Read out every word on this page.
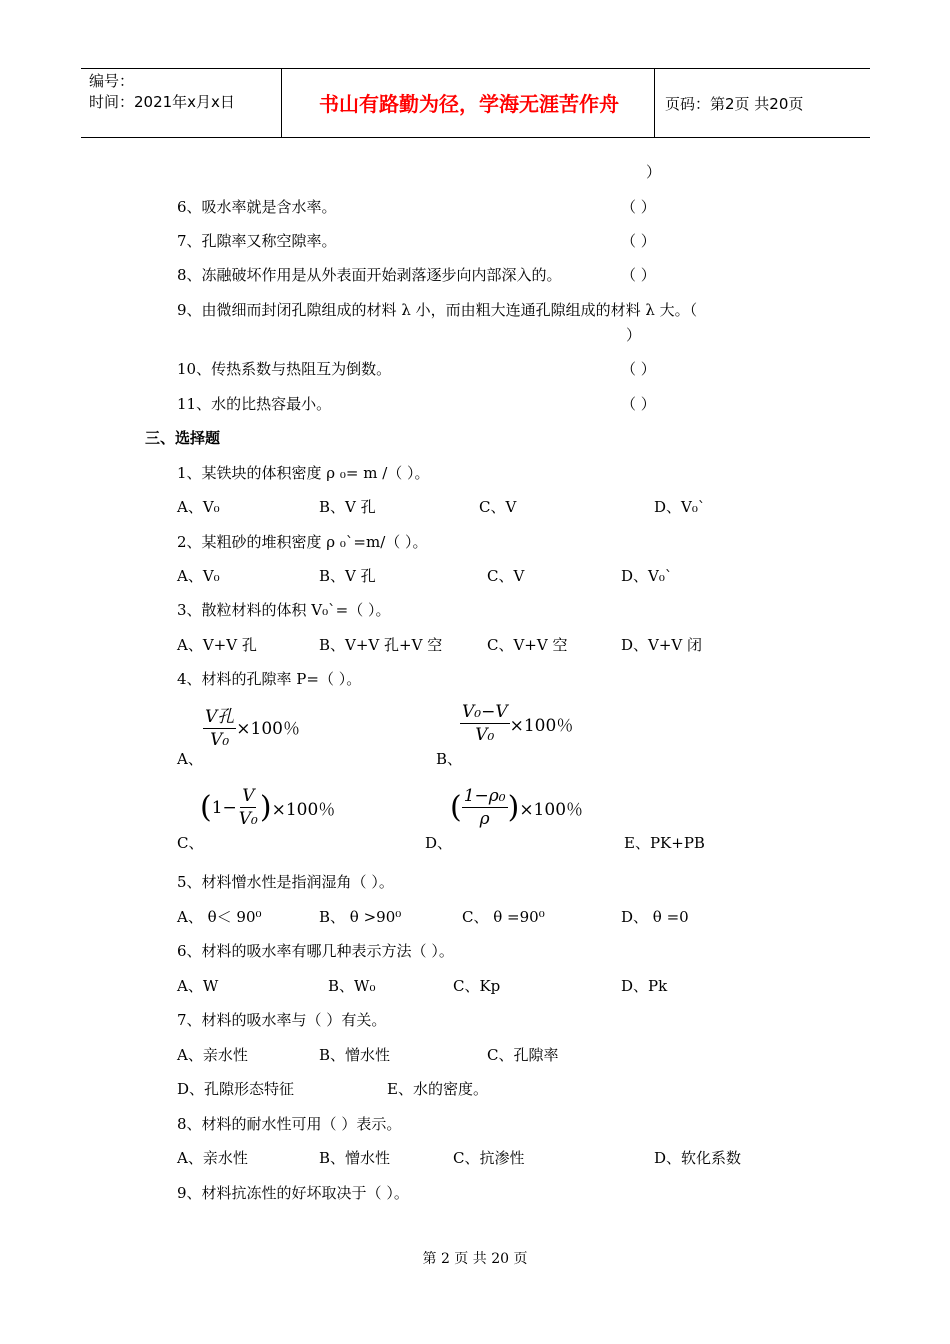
编号：
时间：2021年x月x日	书山有路勤为径，学海无涯苦作舟	页码：第2页 共20页
）
6、吸水率就是含水率。	（ ）
7、孔隙率又称空隙率。	（ ）
8、冻融破坏作用是从外表面开始剥落逐步向内部深入的。	（ ）
9、由微细而封闭孔隙组成的材料 λ 小，而由粗大连通孔隙组成的材料 λ 大。（
）
10、传热系数与热阻互为倒数。	（ ）
11、水的比热容最小。	（ ）
三、选择题
1、某铁块的体积密度 ρ ₀= m /（ ）。
A、V₀	B、V 孔	C、V	D、V₀`
2、某粗砂的堆积密度 ρ ₀`=m/（ ）。
A、V₀	B、V 孔	C、V	D、V₀`
3、散粒材料的体积 V₀`=（ ）。
A、V+V 孔	B、V+V 孔+V 空	C、V+V 空	D、V+V 闭
4、材料的孔隙率 P=（ ）。
$\frac{\text{V孔}}{\text{V₀}} \times 100$％
A、
$\frac{\text{V₀−V}}{\text{V₀}} \times 100$％
B、
( $1- \frac{V}{\text{V₀}}$ ) ×100％
C、
( $\frac{\text{1−ρ₀}}{\rho}$ ) ×100％
D、	E、PK+PB
5、材料憎水性是指润湿角（ ）。
A、 θ＜ 90⁰	B、 θ >90⁰	C、 θ =90⁰	D、 θ =0
6、材料的吸水率有哪几种表示方法（ ）。
A、W	B、W₀	C、Kp	D、Pk
7、材料的吸水率与（ ）有关。
A、亲水性	B、憎水性	C、孔隙率
D、孔隙形态特征	E、水的密度。
8、材料的耐水性可用（ ）表示。
A、亲水性	B、憎水性	C、抗渗性	D、软化系数
9、材料抗冻性的好坏取决于（ ）。
第 2 页 共 20 页
